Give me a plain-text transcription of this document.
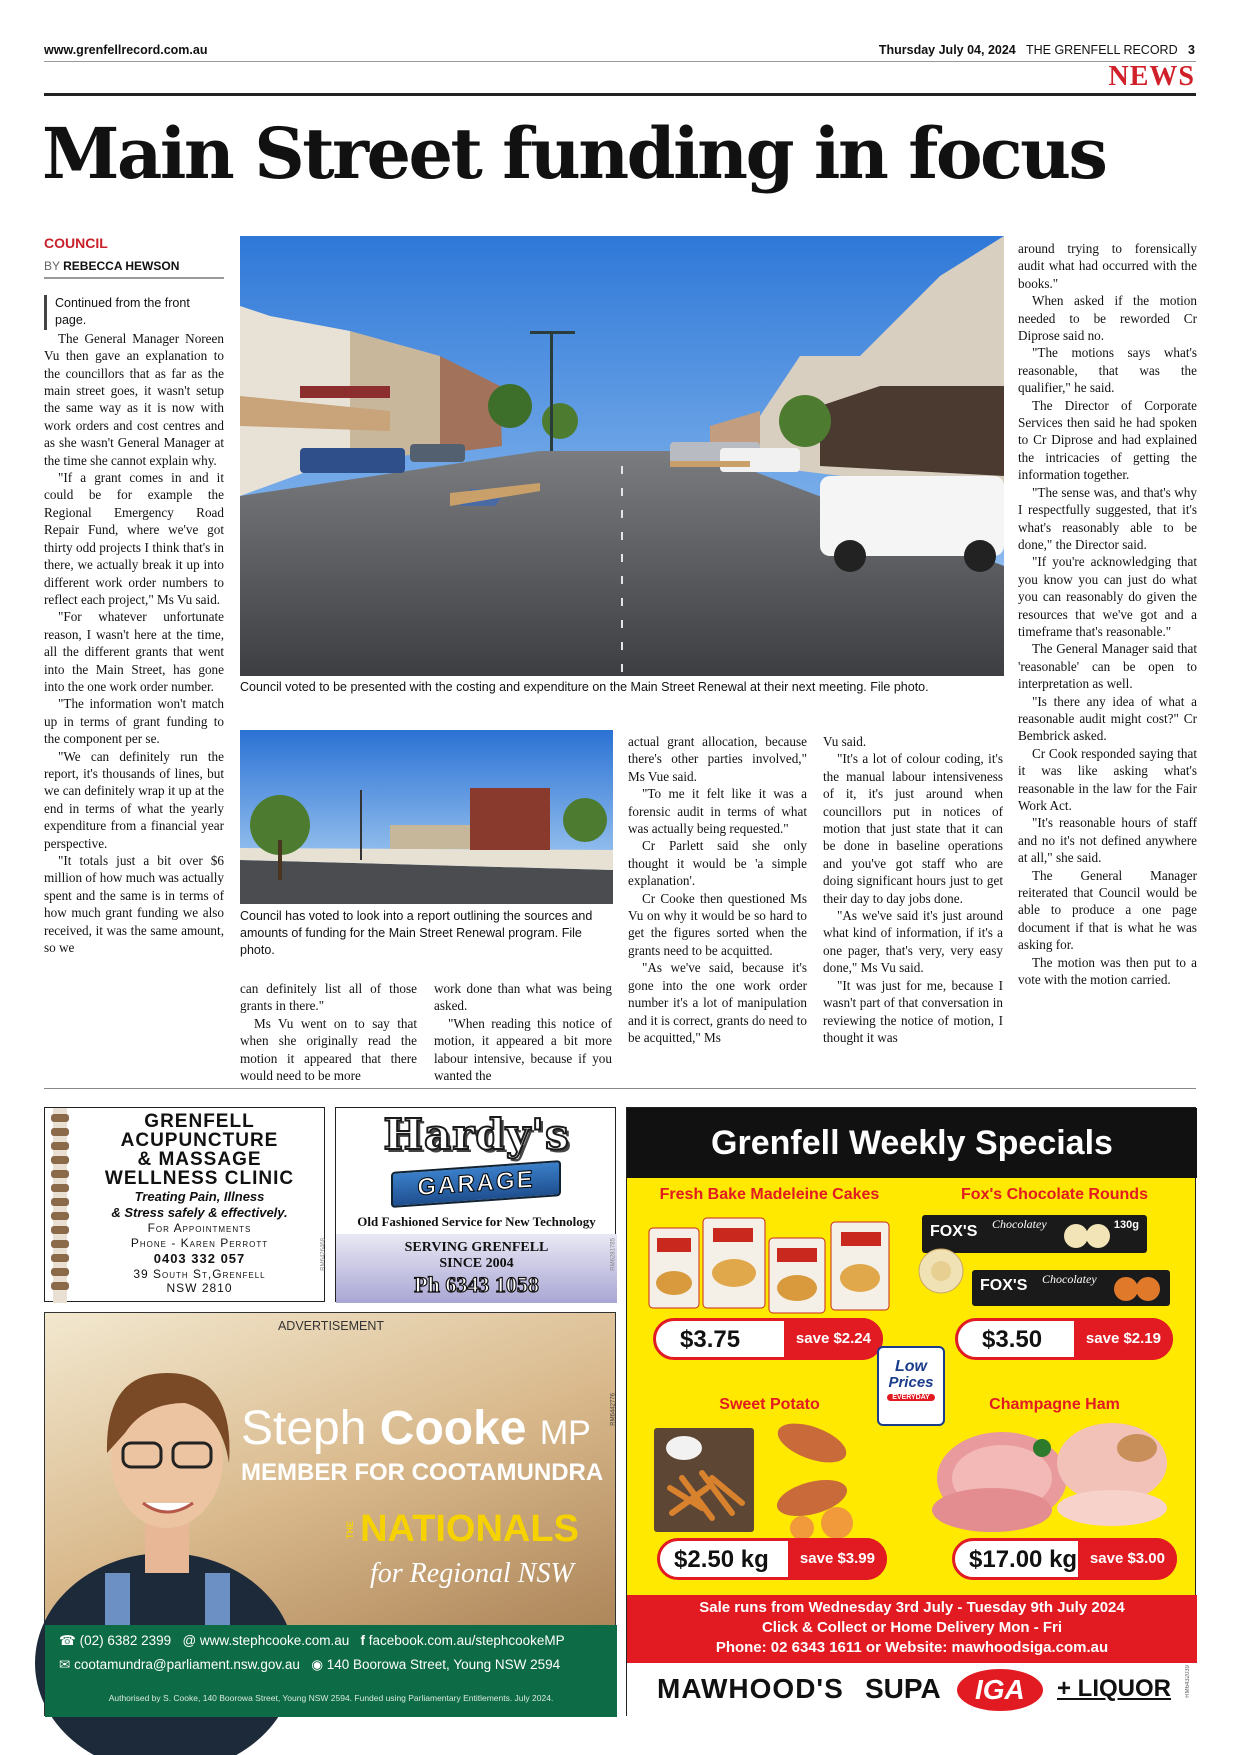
www.grenfellrecord.com.au	Thursday July 04, 2024 THE GRENFELL RECORD 3
NEWS
Main Street funding in focus
COUNCIL
BY REBECCA HEWSON
Council voted to be presented with the costing and expenditure on the Main Street Renewal at their next meeting. File photo.
Council has voted to look into a report outlining the sources and amounts of funding for the Main Street Renewal program. File photo.

Continued from the front page.

The General Manager Noreen Vu then gave an explanation to the councillors that as far as the main street goes, it wasn't setup the same way as it is now with work orders and cost centres and as she wasn't General Manager at the time she cannot explain why.

"If a grant comes in and it could be for example the Regional Emergency Road Repair Fund, where we've got thirty odd projects I think that's in there, we actually break it up into different work order numbers to reflect each project," Ms Vu said.

"For whatever unfortunate reason, I wasn't here at the time, all the different grants that went into the Main Street, has gone into the one work order number.

"The information won't match up in terms of grant funding to the component per se.

"We can definitely run the report, it's thousands of lines, but we can definitely wrap it up at the end in terms of what the yearly expenditure from a financial year perspective.

"It totals just a bit over $6 million of how much was actually spent and the same is in terms of how much grant funding we also received, it was the same amount, so we

can definitely list all of those grants in there."

Ms Vu went on to say that when she originally read the motion it appeared that there would need to be more

work done than what was being asked.

"When reading this notice of motion, it appeared a bit more labour intensive, because if you wanted the

actual grant allocation, because there's other parties involved," Ms Vue said.

"To me it felt like it was a forensic audit in terms of what was actually being requested."

Cr Parlett said she only thought it would be 'a simple explanation'.

Cr Cooke then questioned Ms Vu on why it would be so hard to get the figures sorted when the grants need to be acquitted.

"As we've said, because it's gone into the one work order number it's a lot of manipulation and it is correct, grants do need to be acquitted," Ms

Vu said.

"It's a lot of colour coding, it's the manual labour intensiveness of it, it's just around when councillors put in notices of motion that just state that it can be done in baseline operations and you've got staff who are doing significant hours just to get their day to day jobs done.

"As we've said it's just around what kind of information, if it's a one pager, that's very, very easy done," Ms Vu said.

"It was just for me, because I wasn't part of that conversation in reviewing the notice of motion, I thought it was

around trying to forensically audit what had occurred with the books."

When asked if the motion needed to be reworded Cr Diprose said no.

"The motions says what's reasonable, that was the qualifier," he said.

The Director of Corporate Services then said he had spoken to Cr Diprose and had explained the intricacies of getting the information together.

"The sense was, and that's why I respectfully suggested, that it's what's reasonably able to be done," the Director said.

"If you're acknowledging that you know you can just do what you can reasonably do given the resources that we've got and a timeframe that's reasonable."

The General Manager said that 'reasonable' can be open to interpretation as well.

"Is there any idea of what a reasonable audit might cost?" Cr Bembrick asked.

Cr Cook responded saying that it was like asking what's reasonable in the law for the Fair Work Act.

"It's reasonable hours of staff and no it's not defined anywhere at all," she said.

The General Manager reiterated that Council would be able to produce a one page document if that is what he was asking for.

The motion was then put to a vote with the motion carried.

GRENFELL
ACUPUNCTURE
& MASSAGE
WELLNESS CLINIC
Treating Pain, Illness
& Stress safely & effectively.
For Appointments
Phone - Karen Perrott
0403 332 057
39 South St,Grenfell
NSW 2810
RM6426468
Hardy's
GARAGE
Old Fashioned Service for New Technology
SERVING GRENFELL
SINCE 2004
Ph 6343 1058
RM6281785
ADVERTISEMENT
RM6442776
Steph Cooke MP
MEMBER FOR COOTAMUNDRA
THE NATIONALS
for Regional NSW
☎ (02) 6382 2399 @ www.stephcooke.com.au f facebook.com.au/stephcookeMP
✉ cootamundra@parliament.nsw.gov.au ◉ 140 Boorowa Street, Young NSW 2594
Authorised by S. Cooke, 140 Boorowa Street, Young NSW 2594. Funded using Parliamentary Entitlements. July 2024.
Grenfell Weekly Specials
Fresh Bake Madeleine Cakes
$3.75	save $2.24
Fox's Chocolate Rounds
FOX'S Chocolatey	130g
FOX'S Chocolatey
$3.50	save $2.19
Low
Prices
EVERYDAY
Sweet Potato
$2.50 kg	save $3.99
Champagne Ham
$17.00 kg save $3.00
Sale runs from Wednesday 3rd July - Tuesday 9th July 2024
Click & Collect or Home Delivery Mon - Fri
Phone: 02 6343 1611 or Website: mawhoodsiga.com.au
MAWHOOD'S SUPA	IGA	+ LIQUOR RM6432039
